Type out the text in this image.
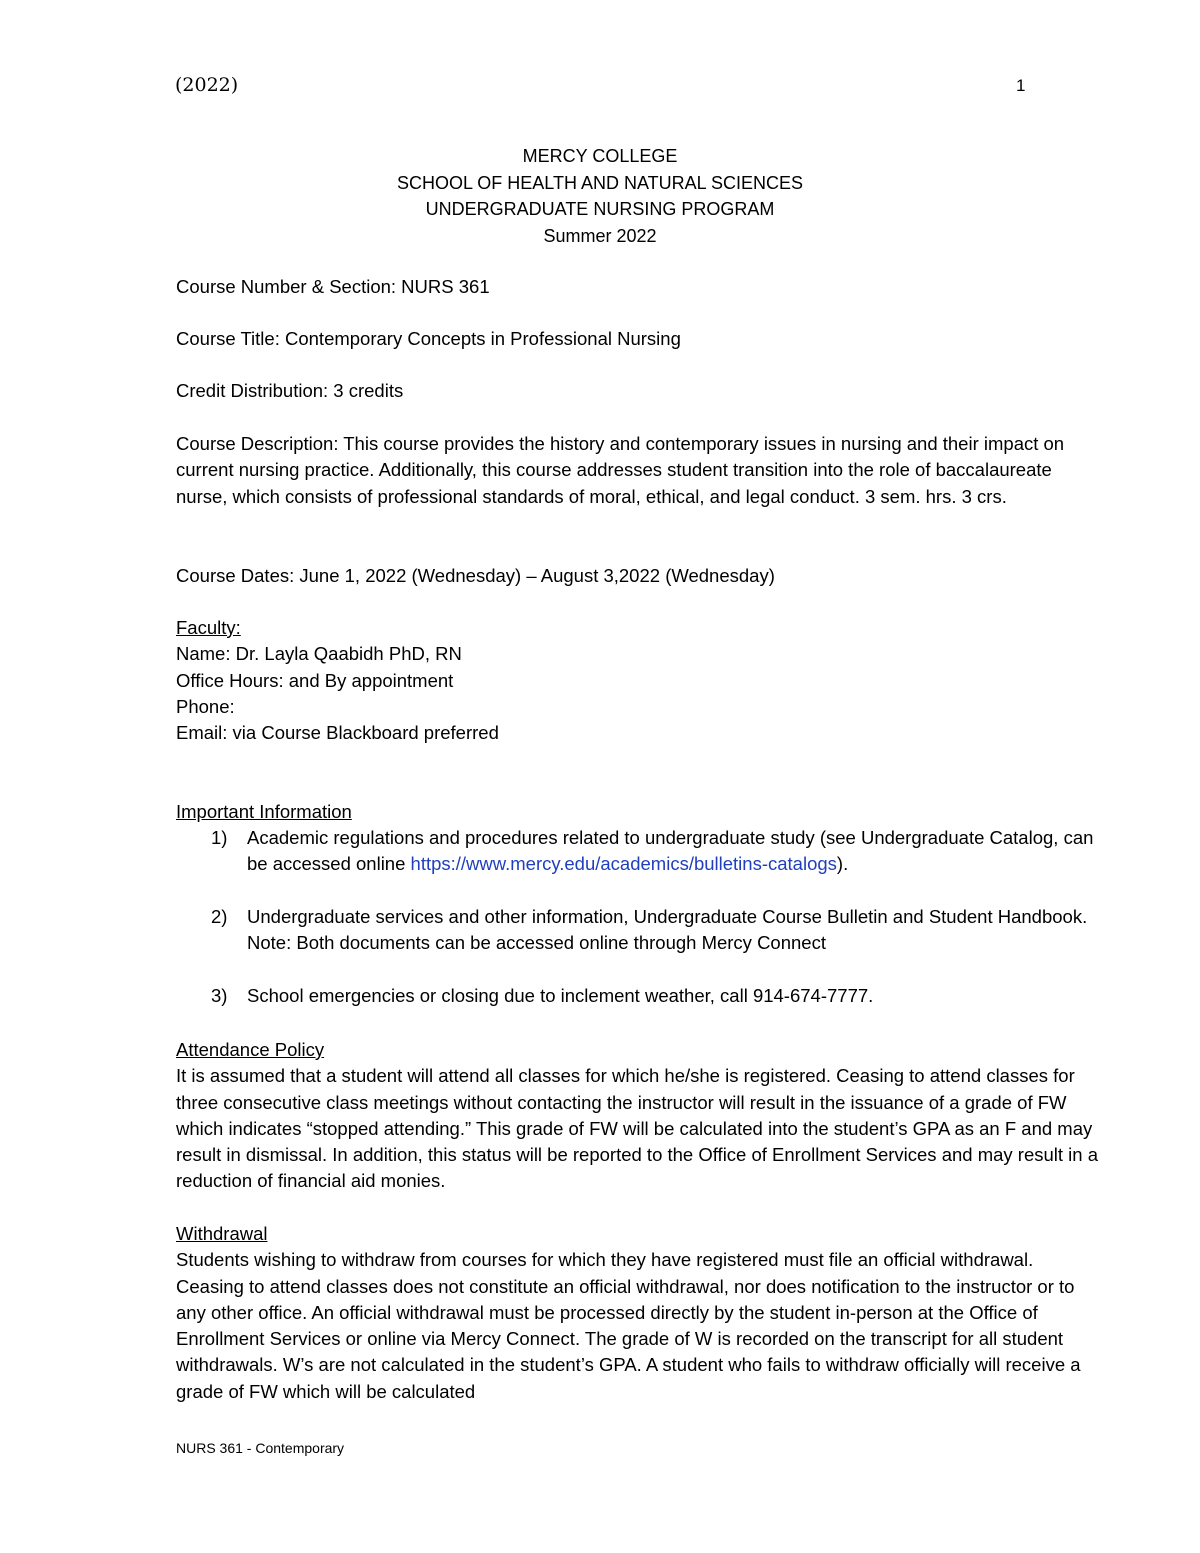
(2022)	1
MERCY COLLEGE
SCHOOL OF HEALTH AND NATURAL SCIENCES
UNDERGRADUATE NURSING PROGRAM
Summer 2022
Course Number & Section: NURS 361
Course Title: Contemporary Concepts in Professional Nursing
Credit Distribution: 3 credits
Course Description: This course provides the history and contemporary issues in nursing and their impact on current nursing practice. Additionally, this course addresses student transition into the role of baccalaureate nurse, which consists of professional standards of moral, ethical, and legal conduct. 3 sem. hrs. 3 crs.
Course Dates: June 1, 2022 (Wednesday) – August 3,2022 (Wednesday)
Faculty:
Name: Dr. Layla Qaabidh PhD, RN
Office Hours: and By appointment
Phone:
Email: via Course Blackboard preferred
Important Information
1) Academic regulations and procedures related to undergraduate study (see Undergraduate Catalog, can be accessed online https://www.mercy.edu/academics/bulletins-catalogs).
2) Undergraduate services and other information, Undergraduate Course Bulletin and Student Handbook. Note: Both documents can be accessed online through Mercy Connect
3) School emergencies or closing due to inclement weather, call 914-674-7777.
Attendance Policy
It is assumed that a student will attend all classes for which he/she is registered. Ceasing to attend classes for three consecutive class meetings without contacting the instructor will result in the issuance of a grade of FW which indicates “stopped attending.” This grade of FW will be calculated into the student’s GPA as an F and may result in dismissal. In addition, this status will be reported to the Office of Enrollment Services and may result in a reduction of financial aid monies.
Withdrawal
Students wishing to withdraw from courses for which they have registered must file an official withdrawal. Ceasing to attend classes does not constitute an official withdrawal, nor does notification to the instructor or to any other office. An official withdrawal must be processed directly by the student in-person at the Office of Enrollment Services or online via Mercy Connect. The grade of W is recorded on the transcript for all student withdrawals. W’s are not calculated in the student’s GPA. A student who fails to withdraw officially will receive a grade of FW which will be calculated
NURS 361 - Contemporary
